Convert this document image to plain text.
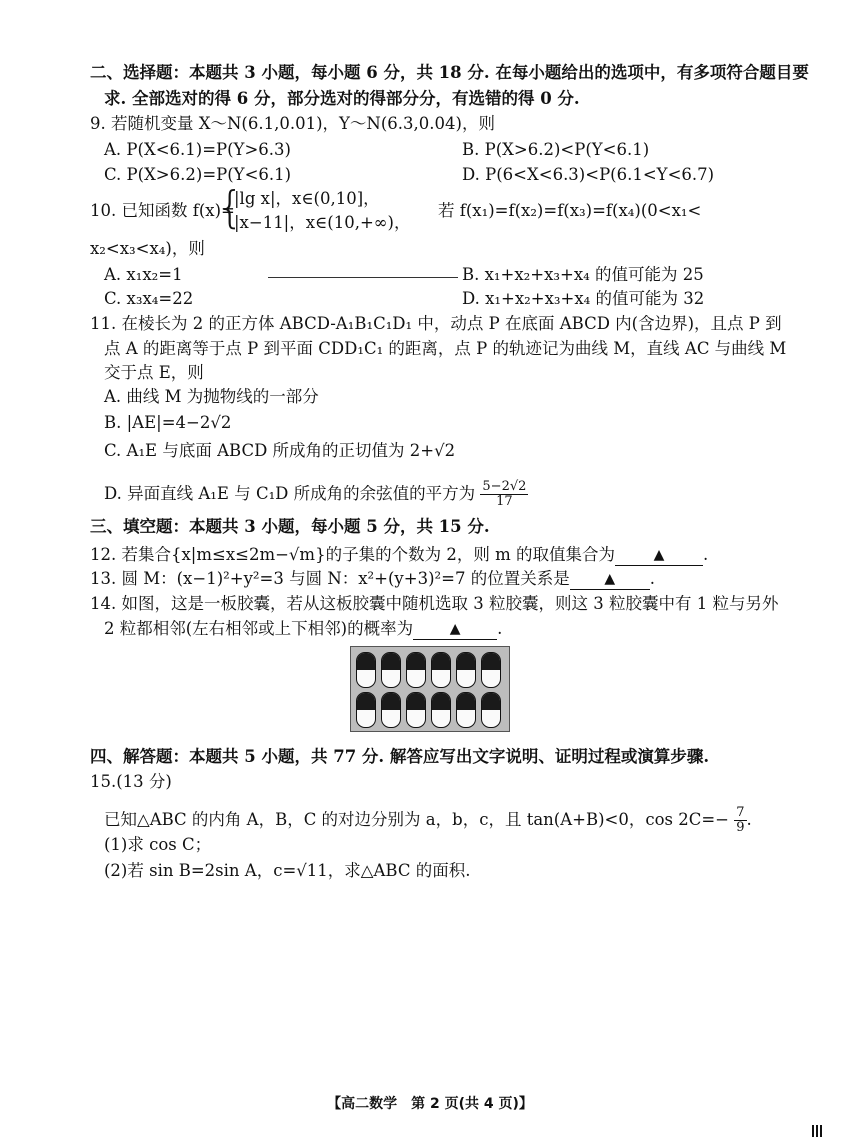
二、选择题：本题共 3 小题，每小题 6 分，共 18 分. 在每小题给出的选项中，有多项符合题目要
求. 全部选对的得 6 分，部分选对的得部分分，有选错的得 0 分.
9. 若随机变量 X～N(6.1,0.01)，Y～N(6.3,0.04)，则
A. P(X<6.1)=P(Y>6.3)	B. P(X>6.2)<P(Y<6.1)
C. P(X>6.2)=P(Y<6.1)	D. P(6<X<6.3)<P(6.1<Y<6.7)
10. 已知函数 f(x)=
{
|lg x|，x∈(0,10]，
|x−11|，x∈(10,+∞)，
若 f(x₁)=f(x₂)=f(x₃)=f(x₄)(0<x₁<
x₂<x₃<x₄)，则
A. x₁x₂=1	B. x₁+x₂+x₃+x₄ 的值可能为 25
C. x₃x₄=22	D. x₁+x₂+x₃+x₄ 的值可能为 32
11. 在棱长为 2 的正方体 ABCD-A₁B₁C₁D₁ 中，动点 P 在底面 ABCD 内(含边界)，且点 P 到
点 A 的距离等于点 P 到平面 CDD₁C₁ 的距离，点 P 的轨迹记为曲线 M，直线 AC 与曲线 M
交于点 E，则
A. 曲线 M 为抛物线的一部分
B. |AE|=4−2√2
C. A₁E 与底面 ABCD 所成角的正切值为 2+√2
D. 异面直线 A₁E 与 C₁D 所成角的余弦值的平方为 $\frac{5-2√2}{17}$
三、填空题：本题共 3 小题，每小题 5 分，共 15 分.
12. 若集合{x|m≤x≤2m−√m}的子集的个数为 2，则 m 的取值集合为	▲ .
13. 圆 M：(x−1)²+y²=3 与圆 N：x²+(y+3)²=7 的位置关系是 ▲ .
14. 如图，这是一板胶囊，若从这板胶囊中随机选取 3 粒胶囊，则这 3 粒胶囊中有 1 粒与另外
2 粒都相邻(左右相邻或上下相邻)的概率为	▲ .
四、解答题：本题共 5 小题，共 77 分. 解答应写出文字说明、证明过程或演算步骤.
15.(13 分)
已知△ABC 的内角 A，B，C 的对边分别为 a，b，c，且 tan(A+B)<0，$\cos 2C=- \frac{7}{9}$ .
(1)求 cos C；
(2)若 sin B=2sin A，c=√11，求△ABC 的面积.
【高二数学　第 2 页(共 4 页)】
